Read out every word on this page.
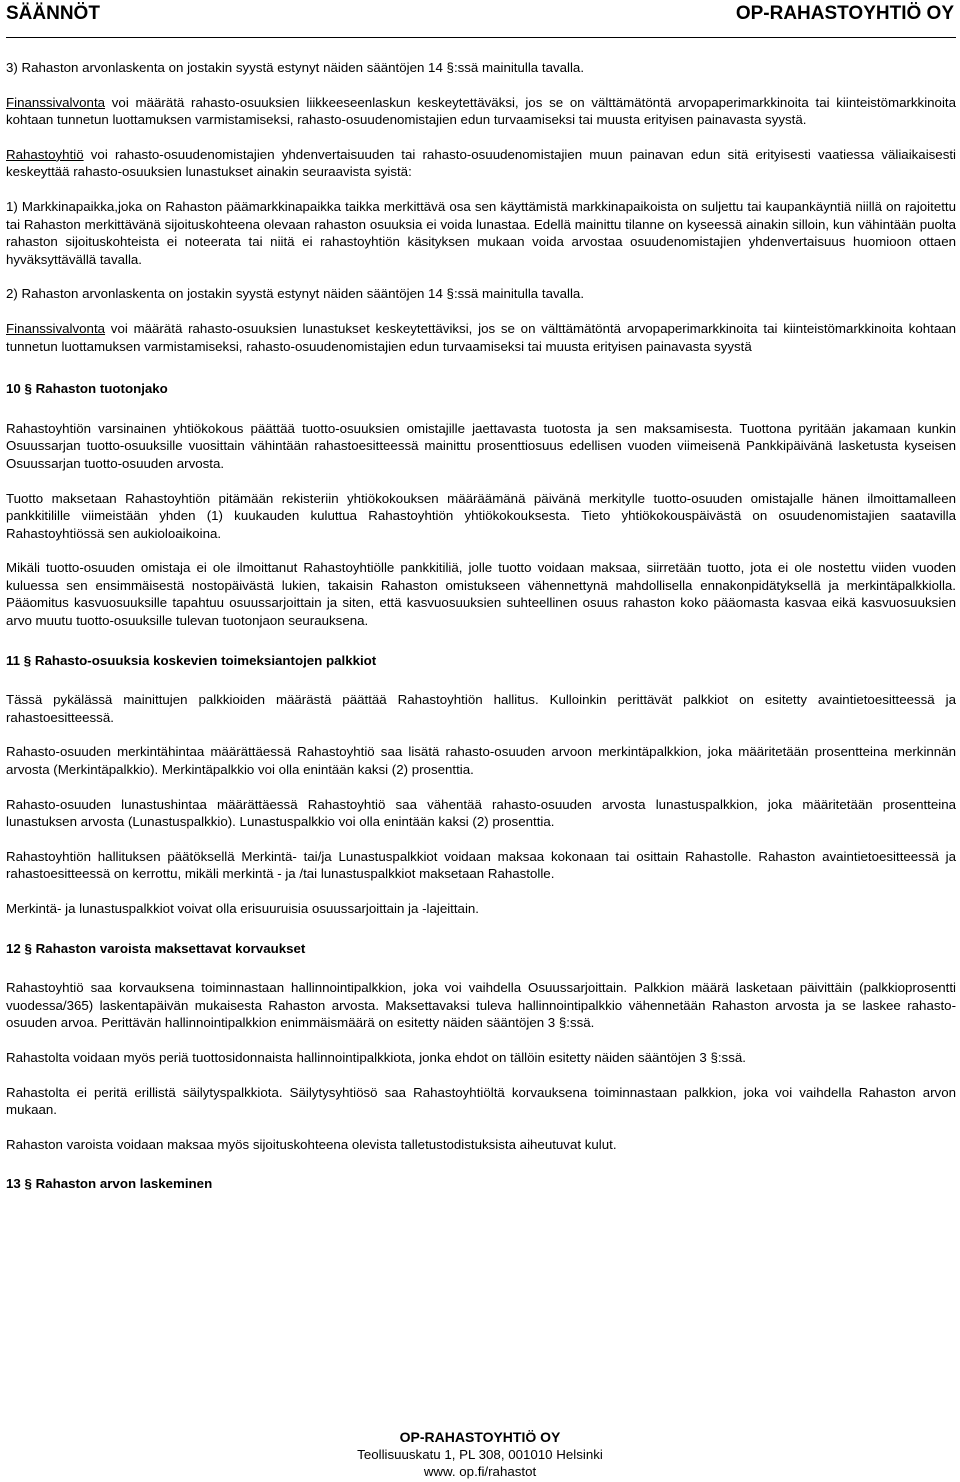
SÄÄNNÖT	OP-RAHASTOYHTIÖ OY

3) Rahaston arvonlaskenta on jostakin syystä estynyt näiden sääntöjen 14 §:ssä mainitulla tavalla.

Finanssivalvonta voi määrätä rahasto-osuuksien liikkeeseenlaskun keskeytettäväksi, jos se on välttämätöntä arvopaperimarkkinoita tai kiinteistömarkkinoita kohtaan tunnetun luottamuksen varmistamiseksi, rahasto-osuudenomistajien edun turvaamiseksi tai muusta erityisen painavasta syystä.

Rahastoyhtiö voi rahasto-osuudenomistajien yhdenvertaisuuden tai rahasto-osuudenomistajien muun painavan edun sitä erityisesti vaatiessa väliaikaisesti keskeyttää rahasto-osuuksien lunastukset ainakin seuraavista syistä:

1) Markkinapaikka,joka on Rahaston päämarkkinapaikka taikka merkittävä osa sen käyttämistä markkinapaikoista on suljettu tai kaupankäyntiä niillä on rajoitettu tai Rahaston merkittävänä sijoituskohteena olevaan rahaston osuuksia ei voida lunastaa. Edellä mainittu tilanne on kyseessä ainakin silloin, kun vähintään puolta rahaston sijoituskohteista ei noteerata tai niitä ei rahastoyhtiön käsityksen mukaan voida arvostaa osuudenomistajien yhdenvertaisuus huomioon ottaen hyväksyttävällä tavalla.

2) Rahaston arvonlaskenta on jostakin syystä estynyt näiden sääntöjen 14 §:ssä mainitulla tavalla.

Finanssivalvonta voi määrätä rahasto-osuuksien lunastukset keskeytettäviksi, jos se on välttämätöntä arvopaperimarkkinoita tai kiinteistömarkkinoita kohtaan tunnetun luottamuksen varmistamiseksi, rahasto-osuudenomistajien edun turvaamiseksi tai muusta erityisen painavasta syystä

10 § Rahaston tuotonjako

Rahastoyhtiön varsinainen yhtiökokous päättää tuotto-osuuksien omistajille jaettavasta tuotosta ja sen maksamisesta. Tuottona pyritään jakamaan kunkin Osuussarjan tuotto-osuuksille vuosittain vähintään rahastoesitteessä mainittu prosenttiosuus edellisen vuoden viimeisenä Pankkipäivänä lasketusta kyseisen Osuussarjan tuotto-osuuden arvosta.

Tuotto maksetaan Rahastoyhtiön pitämään rekisteriin yhtiökokouksen määräämänä päivänä merkitylle tuotto-osuuden omistajalle hänen ilmoittamalleen pankkitilille viimeistään yhden (1) kuukauden kuluttua Rahastoyhtiön yhtiökokouksesta. Tieto yhtiökokouspäivästä on osuudenomistajien saatavilla Rahastoyhtiössä sen aukioloaikoina.

Mikäli tuotto-osuuden omistaja ei ole ilmoittanut Rahastoyhtiölle pankkitiliä, jolle tuotto voidaan maksaa, siirretään tuotto, jota ei ole nostettu viiden vuoden kuluessa sen ensimmäisestä nostopäivästä lukien, takaisin Rahaston omistukseen vähennettynä mahdollisella ennakonpidätyksellä ja merkintäpalkkiolla. Pääomitus kasvuosuuksille tapahtuu osuussarjoittain ja siten, että kasvuosuuksien suhteellinen osuus rahaston koko pääomasta kasvaa eikä kasvuosuuksien arvo muutu tuotto-osuuksille tulevan tuotonjaon seurauksena.

11 § Rahasto-osuuksia koskevien toimeksiantojen palkkiot

Tässä pykälässä mainittujen palkkioiden määrästä päättää Rahastoyhtiön hallitus. Kulloinkin perittävät palkkiot on esitetty avaintietoesitteessä ja rahastoesitteessä.

Rahasto-osuuden merkintähintaa määrättäessä Rahastoyhtiö saa lisätä rahasto-osuuden arvoon merkintäpalkkion, joka määritetään prosentteina merkinnän arvosta (Merkintäpalkkio). Merkintäpalkkio voi olla enintään kaksi (2) prosenttia.

Rahasto-osuuden lunastushintaa määrättäessä Rahastoyhtiö saa vähentää rahasto-osuuden arvosta lunastuspalkkion, joka määritetään prosentteina lunastuksen arvosta (Lunastuspalkkio). Lunastuspalkkio voi olla enintään kaksi (2) prosenttia.

Rahastoyhtiön hallituksen päätöksellä Merkintä- tai/ja Lunastuspalkkiot voidaan maksaa kokonaan tai osittain Rahastolle. Rahaston avaintietoesitteessä ja rahastoesitteessä on kerrottu, mikäli merkintä - ja /tai lunastuspalkkiot maksetaan Rahastolle.

Merkintä- ja lunastuspalkkiot voivat olla erisuuruisia osuussarjoittain ja -lajeittain.

12 § Rahaston varoista maksettavat korvaukset

Rahastoyhtiö saa korvauksena toiminnastaan hallinnointipalkkion, joka voi vaihdella Osuussarjoittain. Palkkion määrä lasketaan päivittäin (palkkioprosentti vuodessa/365) laskentapäivän mukaisesta Rahaston arvosta. Maksettavaksi tuleva hallinnointipalkkio vähennetään Rahaston arvosta ja se laskee rahasto-osuuden arvoa. Perittävän hallinnointipalkkion enimmäismäärä on esitetty näiden sääntöjen 3 §:ssä.

Rahastolta voidaan myös periä tuottosidonnaista hallinnointipalkkiota, jonka ehdot on tällöin esitetty näiden sääntöjen 3 §:ssä.

Rahastolta ei peritä erillistä säilytyspalkkiota. Säilytysyhtiösö saa Rahastoyhtiöltä korvauksena toiminnastaan palkkion, joka voi vaihdella Rahaston arvon mukaan.

Rahaston varoista voidaan maksaa myös sijoituskohteena olevista talletustodistuksista aiheutuvat kulut.

13 § Rahaston arvon laskeminen

OP-RAHASTOYHTIÖ OY
Teollisuuskatu 1, PL 308, 001010 Helsinki
www. op.fi/rahastot
